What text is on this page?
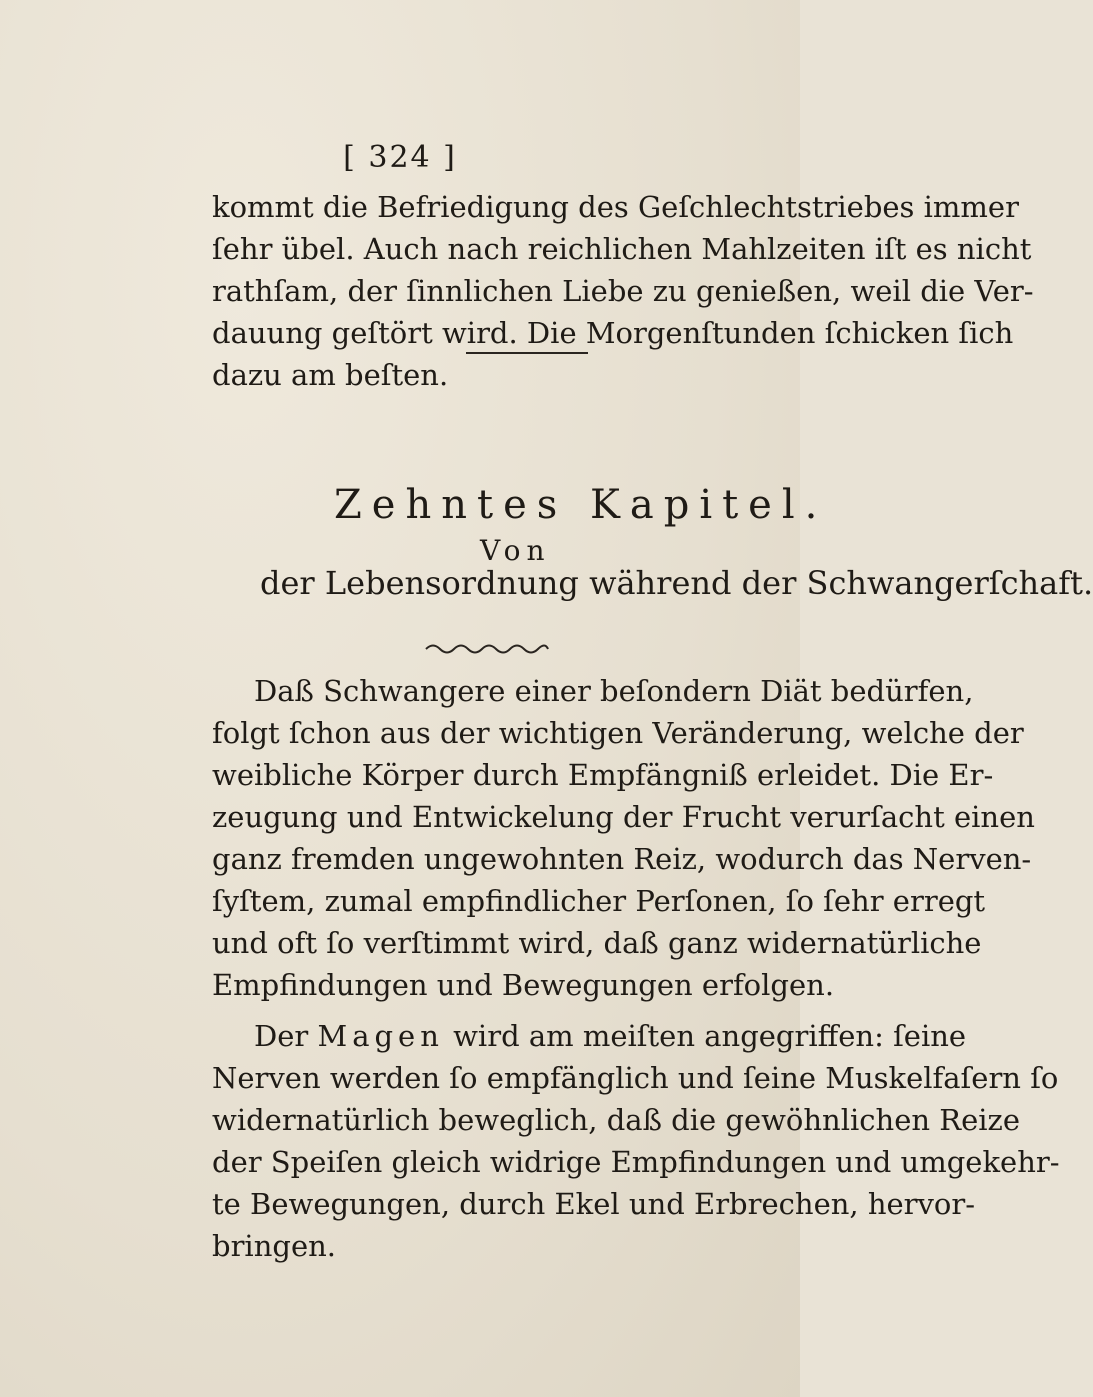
[ 324 ]
kommt die Befriedigung des Geſchlechtstriebes immer
ſehr übel. Auch nach reichlichen Mahlzeiten iſt es nicht
rathſam, der ſinnlichen Liebe zu genießen, weil die Ver-
dauung geſtört wird. Die Morgenſtunden ſchicken ſich
dazu am beſten.
Zehntes Kapitel.
Von
der Lebensordnung während der Schwangerſchaft.
Daß Schwangere einer beſondern Diät bedürfen,
folgt ſchon aus der wichtigen Veränderung, welche der
weibliche Körper durch Empfängniß erleidet. Die Er-
zeugung und Entwickelung der Frucht verurſacht einen
ganz fremden ungewohnten Reiz, wodurch das Nerven-
ſyſtem, zumal empfindlicher Perſonen, ſo ſehr erregt
und oft ſo verſtimmt wird, daß ganz widernatürliche
Empfindungen und Bewegungen erfolgen.
Der Magen wird am meiſten angegriffen: ſeine
Nerven werden ſo empfänglich und ſeine Muskelfaſern ſo
widernatürlich beweglich, daß die gewöhnlichen Reize
der Speiſen gleich widrige Empfindungen und umgekehr-
te Bewegungen, durch Ekel und Erbrechen, hervor-
bringen.
